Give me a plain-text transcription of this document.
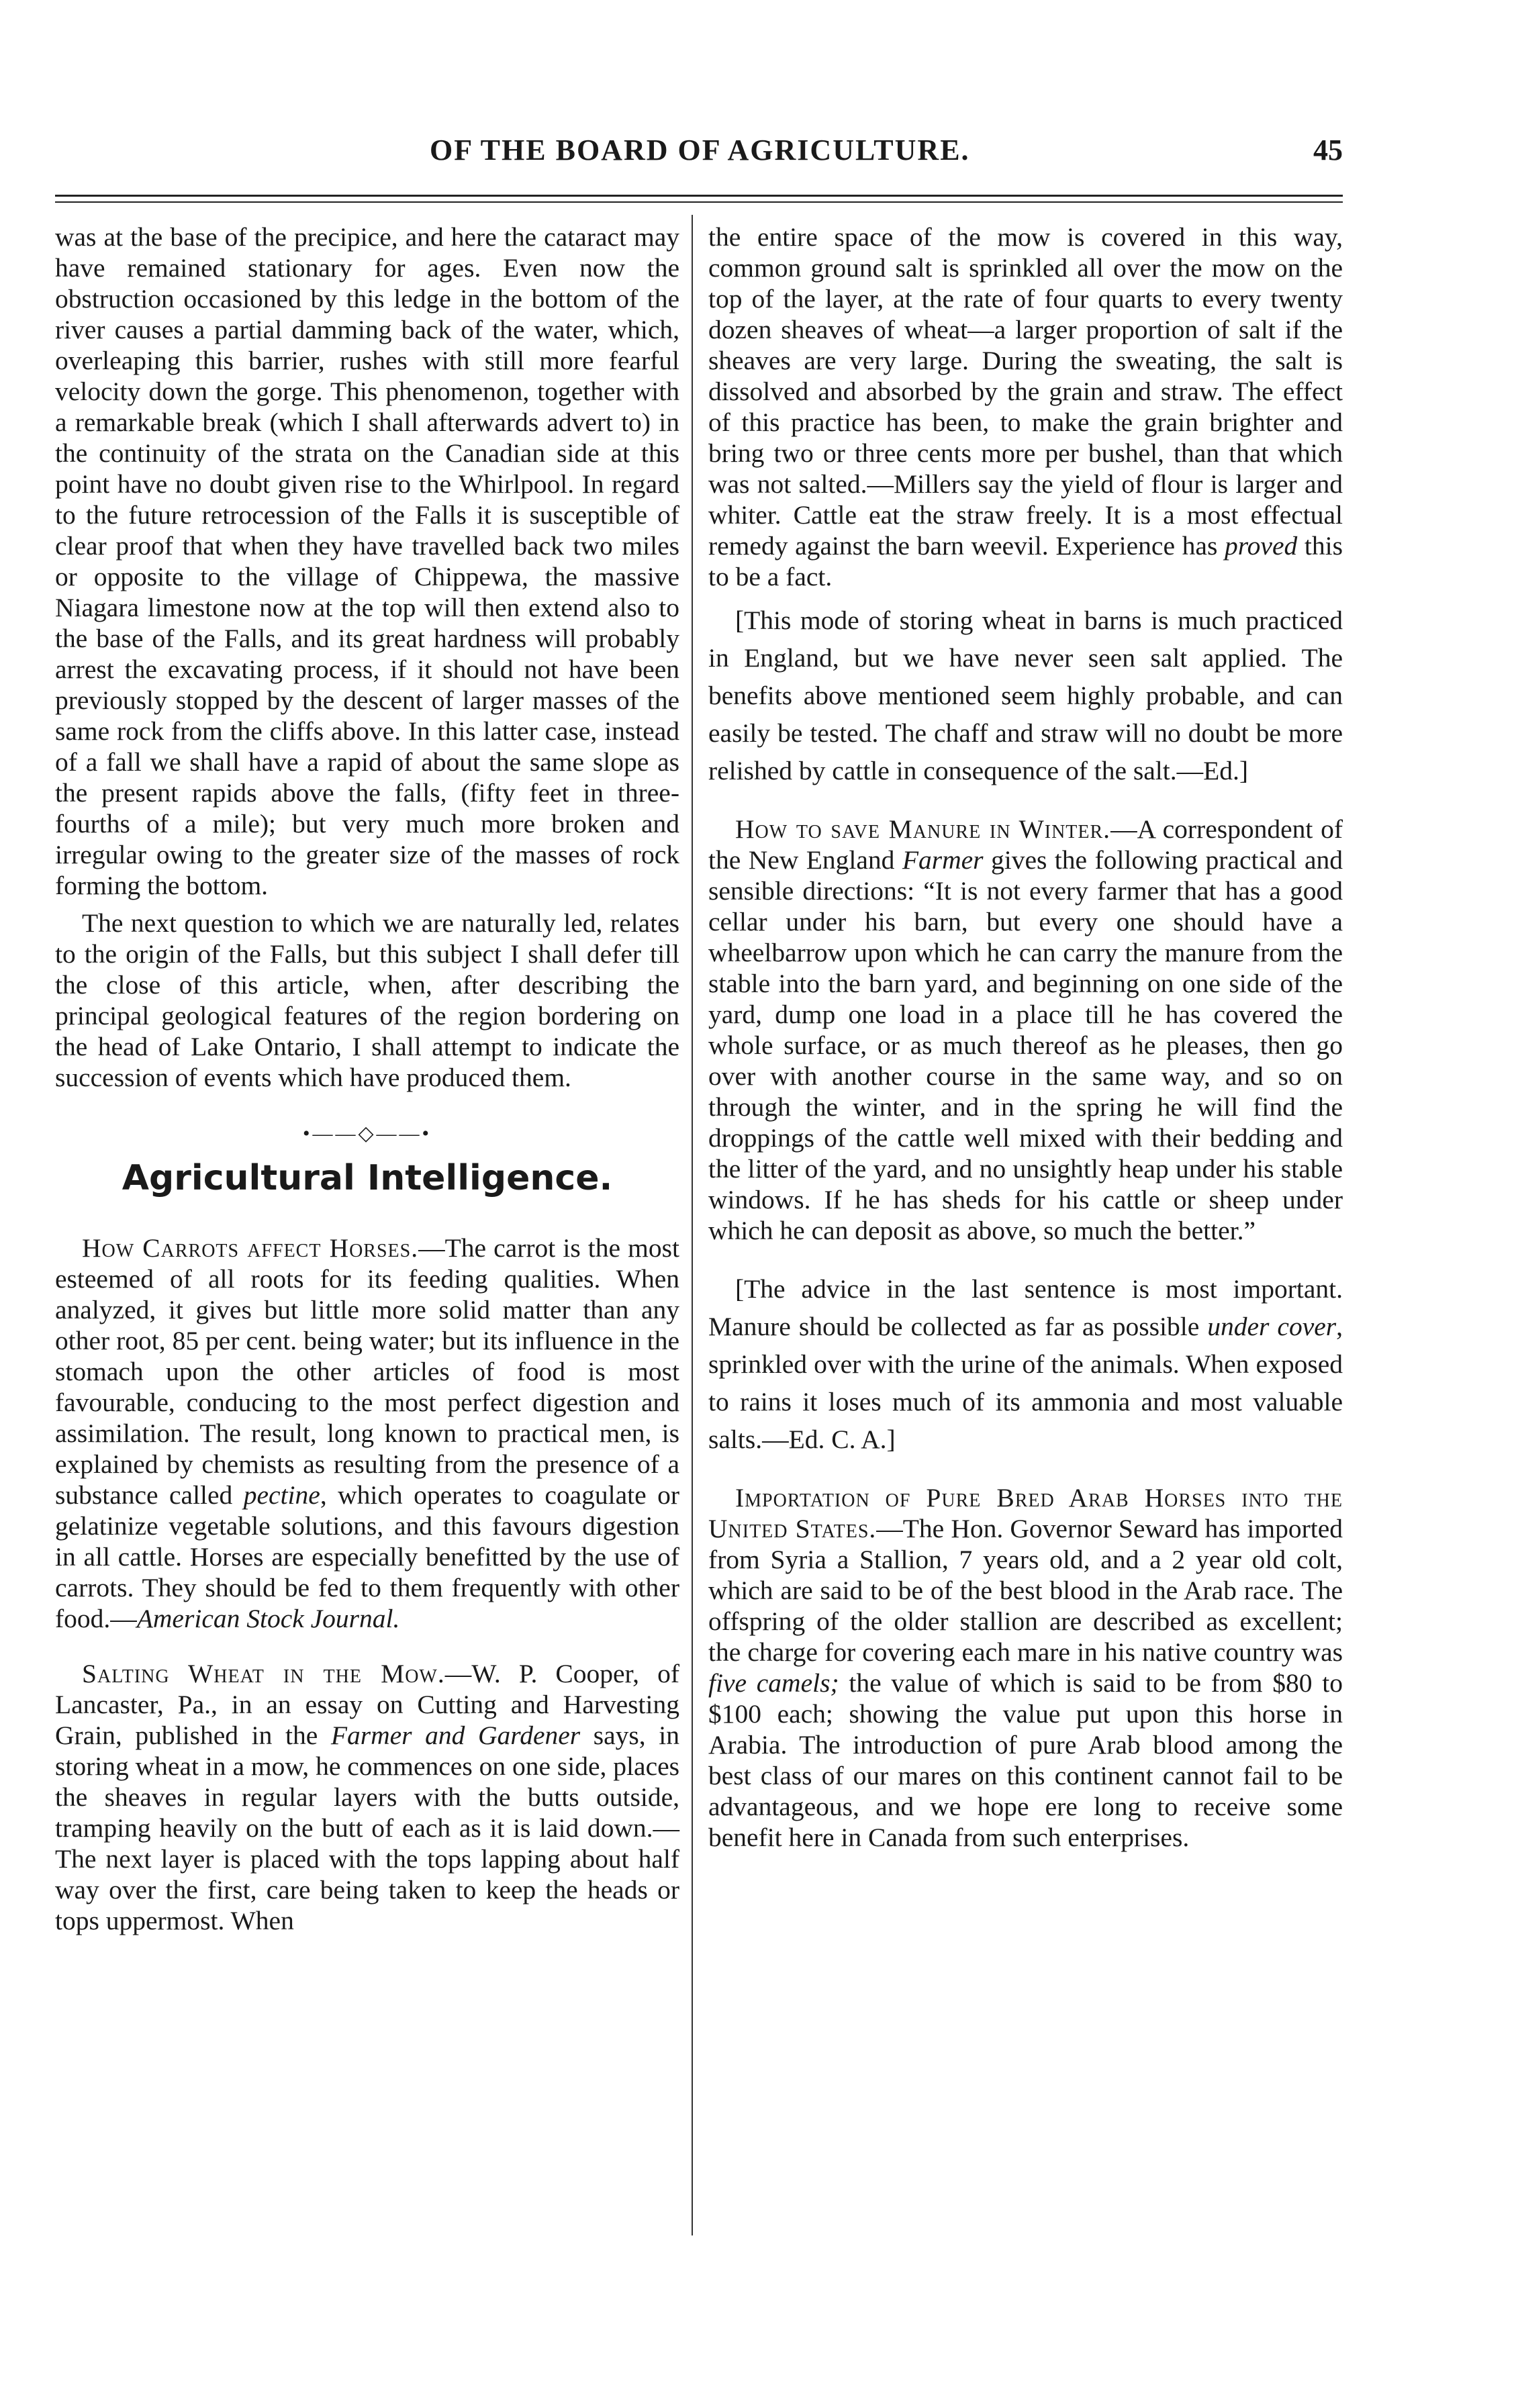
OF THE BOARD OF AGRICULTURE.	45

was at the base of the precipice, and here the cataract may have remained stationary for ages. Even now the obstruction occasioned by this ledge in the bottom of the river causes a partial damming back of the water, which, overleaping this barrier, rushes with still more fearful velocity down the gorge. This phenomenon, together with a remarkable break (which I shall afterwards advert to) in the continuity of the strata on the Canadian side at this point have no doubt given rise to the Whirlpool. In regard to the future retrocession of the Falls it is susceptible of clear proof that when they have travelled back two miles or opposite to the village of Chippewa, the massive Niagara limestone now at the top will then extend also to the base of the Falls, and its great hardness will probably arrest the excavating process, if it should not have been previously stopped by the descent of larger masses of the same rock from the cliffs above. In this latter case, instead of a fall we shall have a rapid of about the same slope as the present rapids above the falls, (fifty feet in three-fourths of a mile); but very much more broken and irregular owing to the greater size of the masses of rock forming the bottom.

The next question to which we are naturally led, relates to the origin of the Falls, but this subject I shall defer till the close of this article, when, after describing the principal geological features of the region bordering on the head of Lake Ontario, I shall attempt to indicate the succession of events which have produced them.

•——◇——•
Agricultural Intelligence.

How Carrots affect Horses.—The carrot is the most esteemed of all roots for its feeding qualities. When analyzed, it gives but little more solid matter than any other root, 85 per cent. being water; but its influence in the stomach upon the other articles of food is most favourable, conducing to the most perfect digestion and assimilation. The result, long known to practical men, is explained by chemists as resulting from the presence of a substance called pectine, which operates to coagulate or gelatinize vegetable solutions, and this favours digestion in all cattle. Horses are especially benefitted by the use of carrots. They should be fed to them frequently with other food.—American Stock Journal.

Salting Wheat in the Mow.—W. P. Cooper, of Lancaster, Pa., in an essay on Cutting and Harvesting Grain, published in the Farmer and Gardener says, in storing wheat in a mow, he commences on one side, places the sheaves in regular layers with the butts outside, tramping heavily on the butt of each as it is laid down.—The next layer is placed with the tops lapping about half way over the first, care being taken to keep the heads or tops uppermost. When

the entire space of the mow is covered in this way, common ground salt is sprinkled all over the mow on the top of the layer, at the rate of four quarts to every twenty dozen sheaves of wheat—a larger proportion of salt if the sheaves are very large. During the sweating, the salt is dissolved and absorbed by the grain and straw. The effect of this practice has been, to make the grain brighter and bring two or three cents more per bushel, than that which was not salted.—Millers say the yield of flour is larger and whiter. Cattle eat the straw freely. It is a most effectual remedy against the barn weevil. Experience has proved this to be a fact.

[This mode of storing wheat in barns is much practiced in England, but we have never seen salt applied. The benefits above mentioned seem highly probable, and can easily be tested. The chaff and straw will no doubt be more relished by cattle in consequence of the salt.—Ed.]

How to save Manure in Winter.—A correspondent of the New England Farmer gives the following practical and sensible directions: “It is not every farmer that has a good cellar under his barn, but every one should have a wheelbarrow upon which he can carry the manure from the stable into the barn yard, and beginning on one side of the yard, dump one load in a place till he has covered the whole surface, or as much thereof as he pleases, then go over with another course in the same way, and so on through the winter, and in the spring he will find the droppings of the cattle well mixed with their bedding and the litter of the yard, and no unsightly heap under his stable windows. If he has sheds for his cattle or sheep under which he can deposit as above, so much the better.”

[The advice in the last sentence is most important. Manure should be collected as far as possible under cover, sprinkled over with the urine of the animals. When exposed to rains it loses much of its ammonia and most valuable salts.—Ed. C. A.]

Importation of Pure Bred Arab Horses into the United States.—The Hon. Governor Seward has imported from Syria a Stallion, 7 years old, and a 2 year old colt, which are said to be of the best blood in the Arab race. The offspring of the older stallion are described as excellent; the charge for covering each mare in his native country was five camels; the value of which is said to be from $80 to $100 each; showing the value put upon this horse in Arabia. The introduction of pure Arab blood among the best class of our mares on this continent cannot fail to be advantageous, and we hope ere long to receive some benefit here in Canada from such enterprises.
